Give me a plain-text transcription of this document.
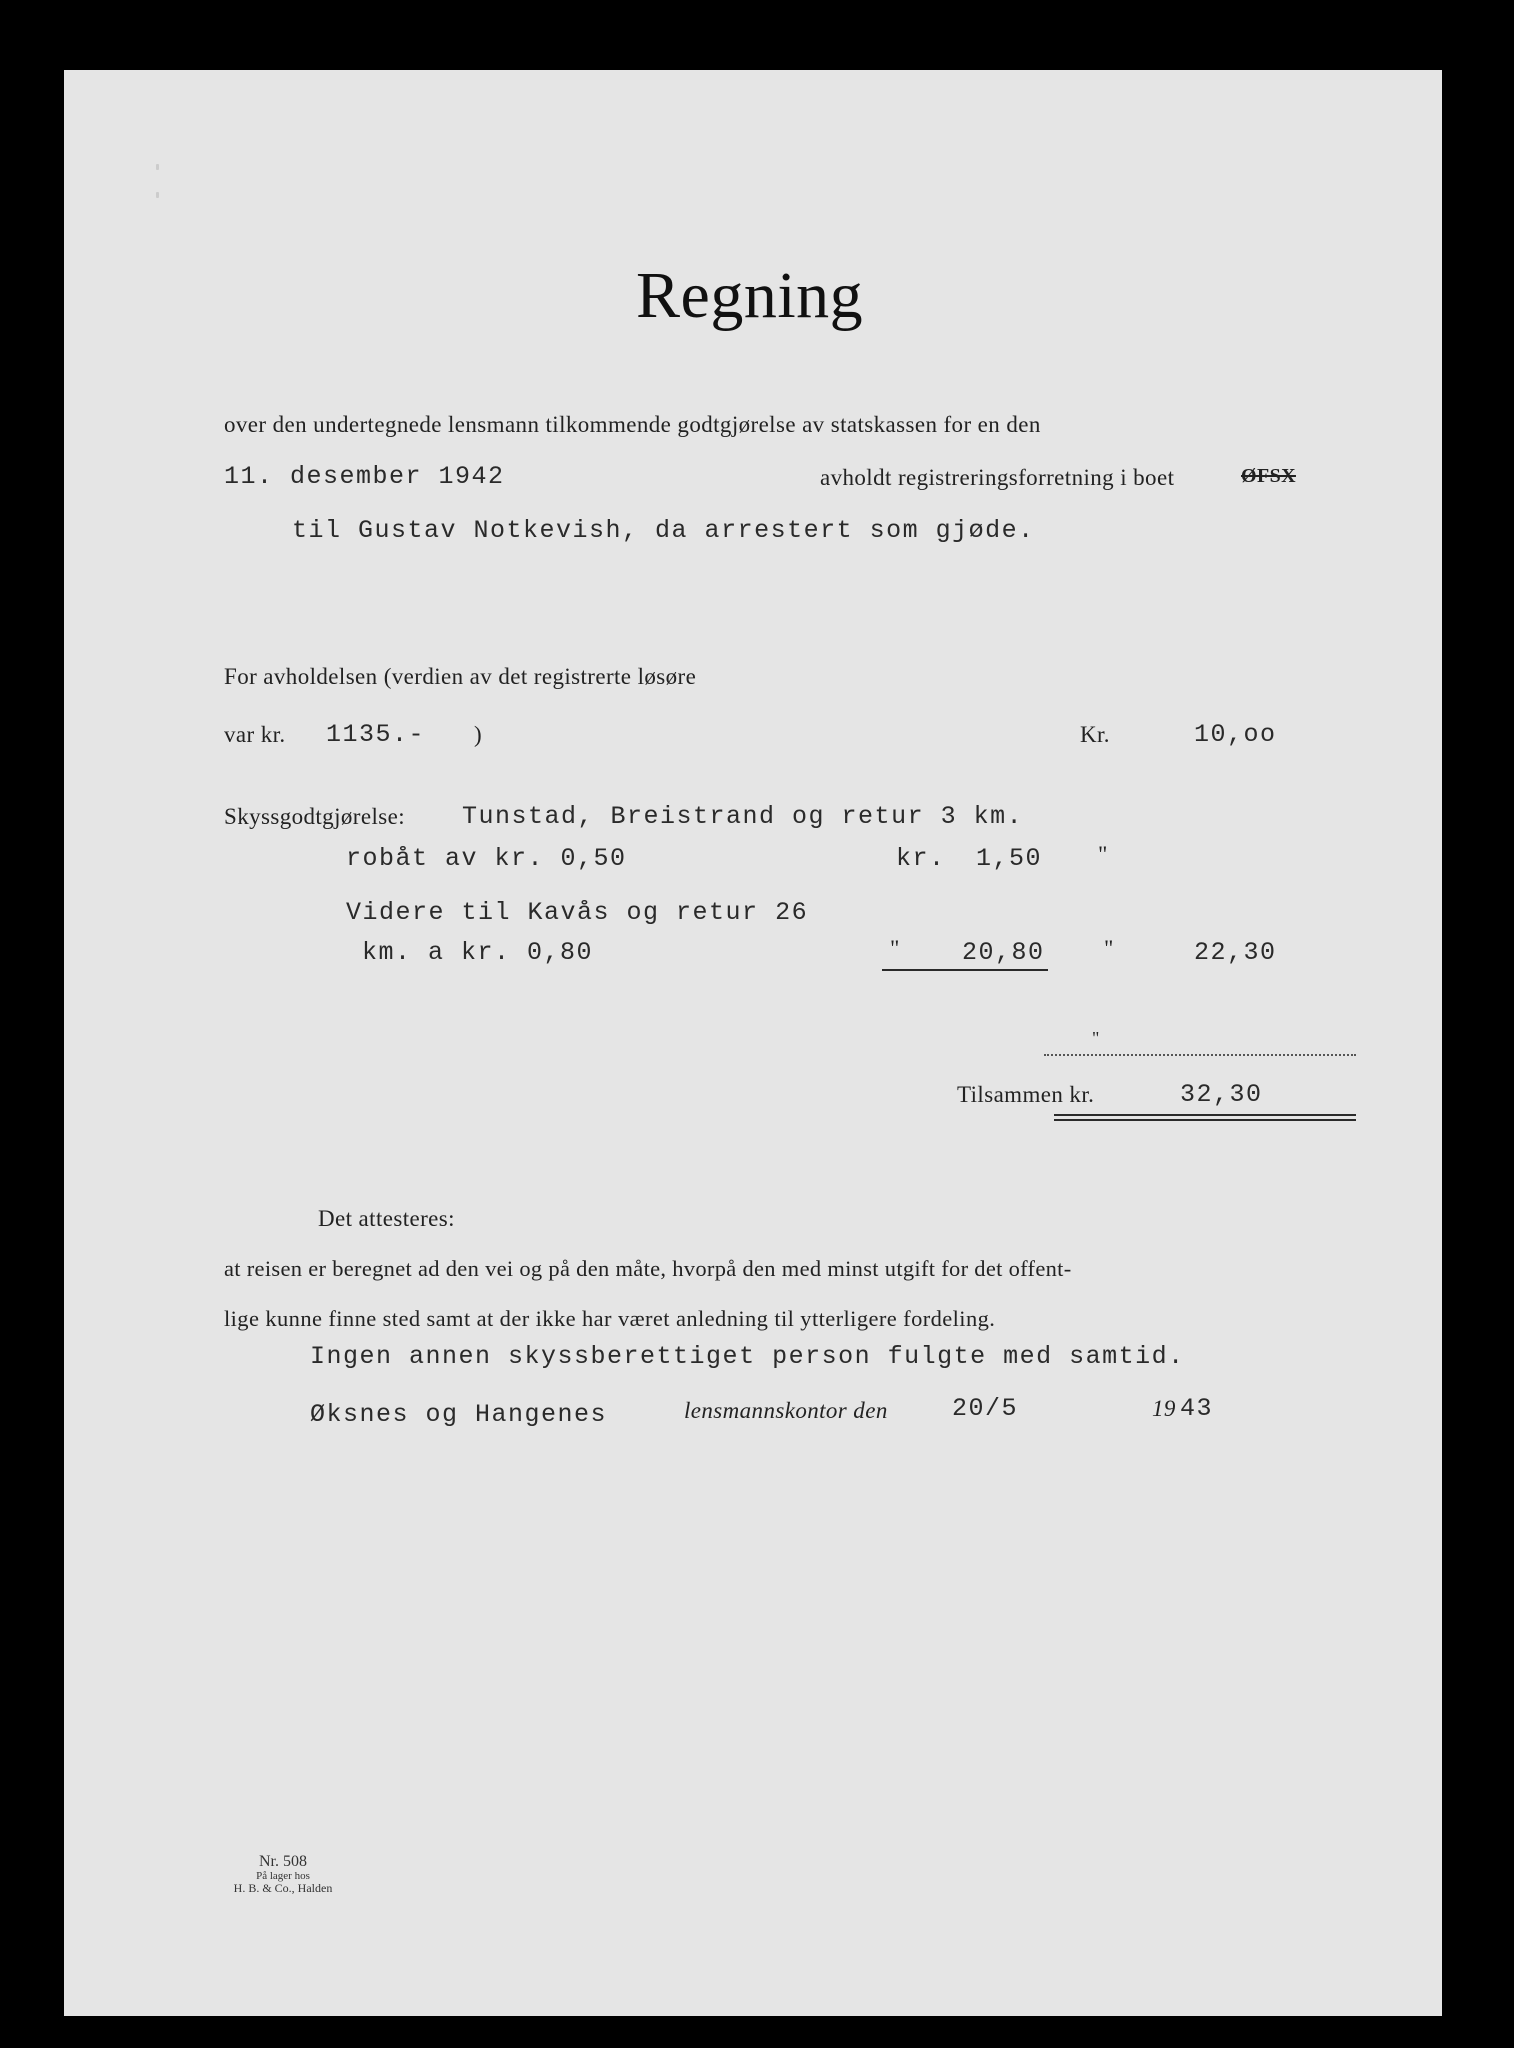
Regning
over den undertegnede lensmann tilkommende godtgjørelse av statskassen for en den
11. desember 1942	avholdt registreringsforretning i boet	ØFSX
til Gustav Notkevish, da arrestert som gjøde.
For avholdelsen (verdien av det registrerte løsøre
var kr. 1135.- )	Kr.	10,oo
Skyssgodtgjørelse: Tunstad, Breistrand og retur 3 km.
robåt av kr. 0,50	kr. 1,50 "
Videre til Kavås og retur 26
km. a kr. 0,80	" 20,80	"	22,30
"
Tilsammen kr.	32,30
Det attesteres:
at reisen er beregnet ad den vei og på den måte, hvorpå den med minst utgift for det offent-
lige kunne finne sted samt at der ikke har været anledning til ytterligere fordeling.
Ingen annen skyssberettiget person fulgte med samtid.
Øksnes og Hangenes	lensmannskontor den	20/5	19 43
Nr. 508
På lager hos
H. B. & Co., Halden
